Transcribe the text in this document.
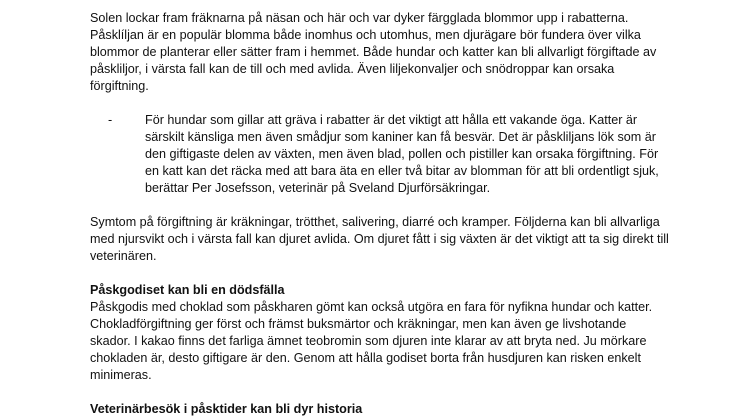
Solen lockar fram fräknarna på näsan och här och var dyker färgglada blommor upp i rabatterna. Påsklíljan är en populär blomma både inomhus och utomhus, men djurägare bör fundera över vilka blommor de planterar eller sätter fram i hemmet. Både hundar och katter kan bli allvarligt förgiftade av påskliljor, i värsta fall kan de till och med avlida. Även liljekonvaljer och snödroppar kan orsaka förgiftning.

-	För hundar som gillar att gräva i rabatter är det viktigt att hålla ett vakande öga. Katter är särskilt känsliga men även smådjur som kaniner kan få besvär. Det är påskliljans lök som är den giftigaste delen av växten, men även blad, pollen och pistiller kan orsaka förgiftning. För en katt kan det räcka med att bara äta en eller två bitar av blomman för att bli ordentligt sjuk, berättar Per Josefsson, veterinär på Sveland Djurförsäkringar.

Symtom på förgiftning är kräkningar, trötthet, salivering, diarré och kramper. Följderna kan bli allvarliga med njursvikt och i värsta fall kan djuret avlida. Om djuret fått i sig växten är det viktigt att ta sig direkt till veterinären.

Påskgodiset kan bli en dödsfälla

Påskgodis med choklad som påskharen gömt kan också utgöra en fara för nyfikna hundar och katter. Chokladförgiftning ger först och främst buksmärtor och kräkningar, men kan även ge livshotande skador. I kakao finns det farliga ämnet teobromin som djuren inte klarar av att bryta ned. Ju mörkare chokladen är, desto giftigare är den. Genom att hålla godiset borta från husdjuren kan risken enkelt minimeras.

Veterinärbesök i påsktider kan bli dyr historia
